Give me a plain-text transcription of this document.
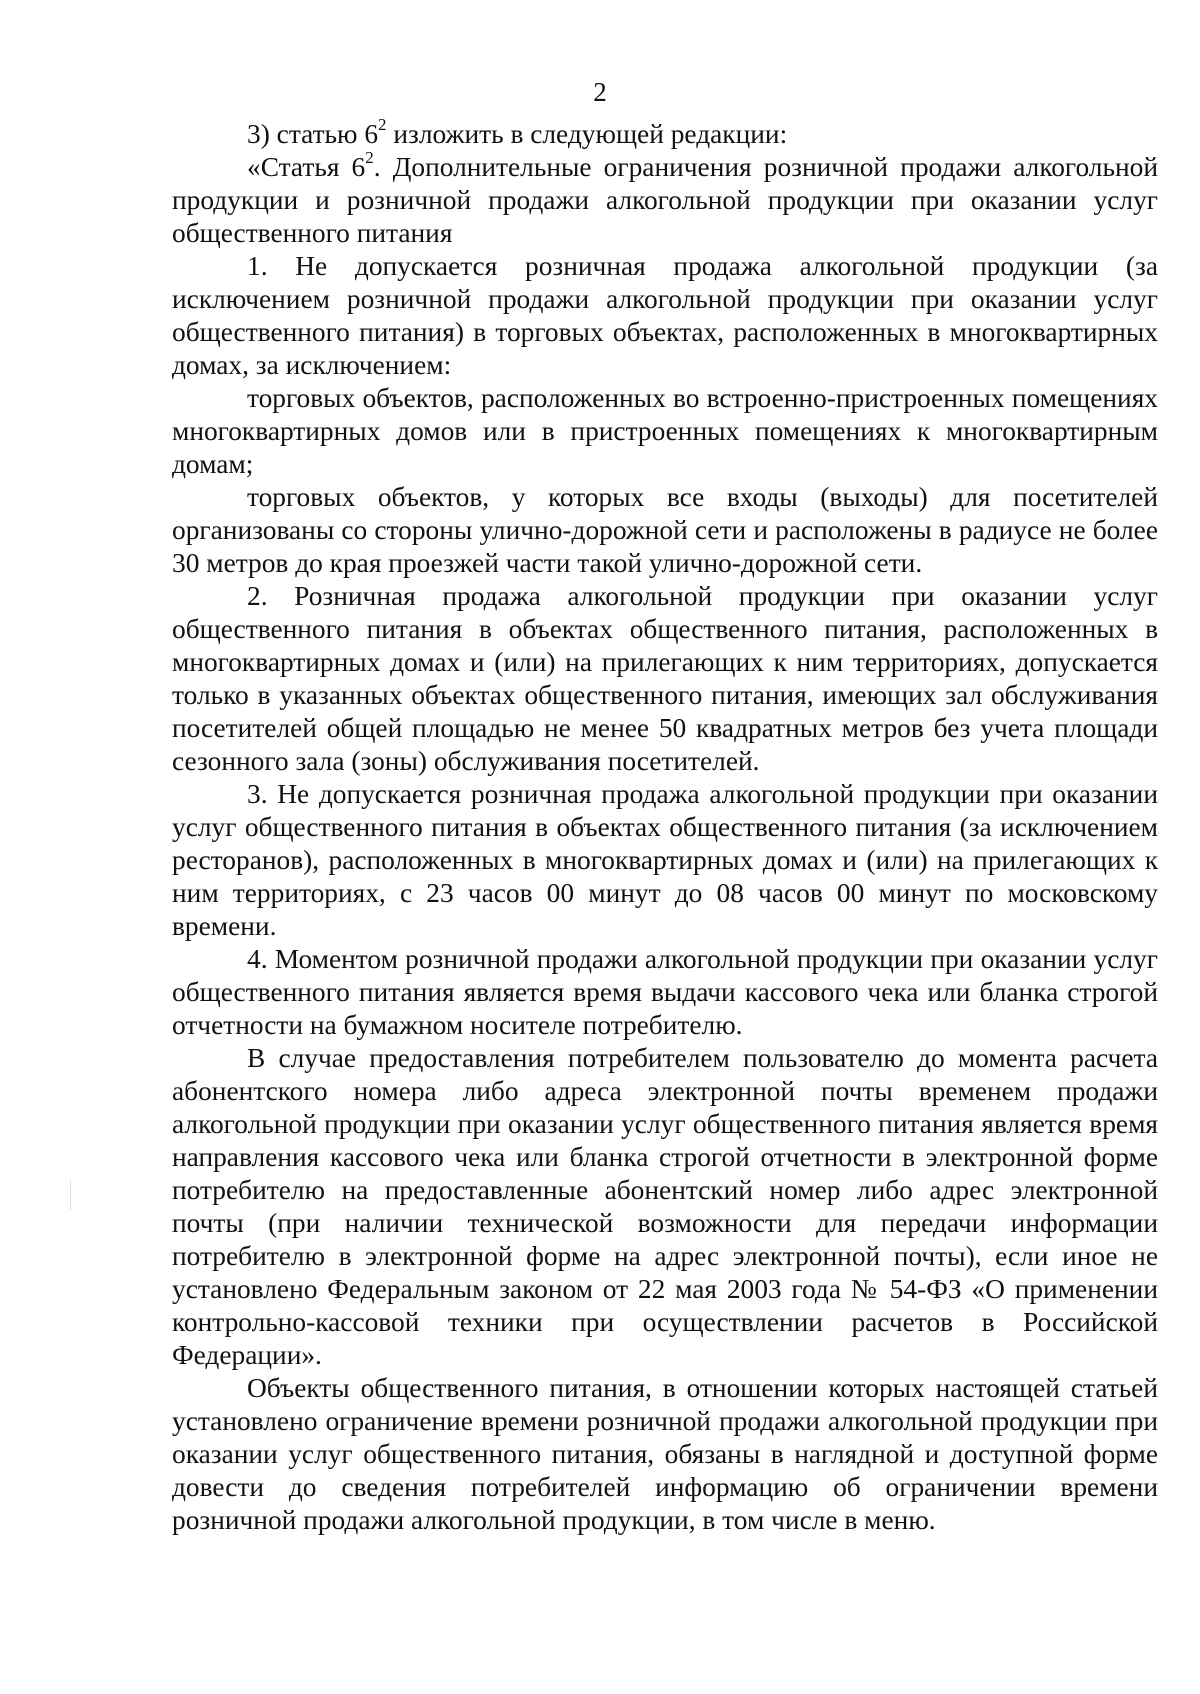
2

3) статью $6^2$ изложить в следующей редакции:

«Статья $6^2$. Дополнительные ограничения розничной продажи алкогольной продукции и розничной продажи алкогольной продукции при оказании услуг общественного питания

1. Не допускается розничная продажа алкогольной продукции (за исключением розничной продажи алкогольной продукции при оказании услуг общественного питания) в торговых объектах, расположенных в многоквартирных домах, за исключением:

торговых объектов, расположенных во встроенно-пристроенных помещениях многоквартирных домов или в пристроенных помещениях к многоквартирным домам;

торговых объектов, у которых все входы (выходы) для посетителей организованы со стороны улично-дорожной сети и расположены в радиусе не более 30 метров до края проезжей части такой улично-дорожной сети.

2. Розничная продажа алкогольной продукции при оказании услуг общественного питания в объектах общественного питания, расположенных в многоквартирных домах и (или) на прилегающих к ним территориях, допускается только в указанных объектах общественного питания, имеющих зал обслуживания посетителей общей площадью не менее 50 квадратных метров без учета площади сезонного зала (зоны) обслуживания посетителей.

3. Не допускается розничная продажа алкогольной продукции при оказании услуг общественного питания в объектах общественного питания (за исключением ресторанов), расположенных в многоквартирных домах и (или) на прилегающих к ним территориях, с 23 часов 00 минут до 08 часов 00 минут по московскому времени.

4. Моментом розничной продажи алкогольной продукции при оказании услуг общественного питания является время выдачи кассового чека или бланка строгой отчетности на бумажном носителе потребителю.

В случае предоставления потребителем пользователю до момента расчета абонентского номера либо адреса электронной почты временем продажи алкогольной продукции при оказании услуг общественного питания является время направления кассового чека или бланка строгой отчетности в электронной форме потребителю на предоставленные абонентский номер либо адрес электронной почты (при наличии технической возможности для передачи информации потребителю в электронной форме на адрес электронной почты), если иное не установлено Федеральным законом от 22 мая 2003 года № 54-ФЗ «О применении контрольно-кассовой техники при осуществлении расчетов в Российской Федерации».

Объекты общественного питания, в отношении которых настоящей статьей установлено ограничение времени розничной продажи алкогольной продукции при оказании услуг общественного питания, обязаны в наглядной и доступной форме довести до сведения потребителей информацию об ограничении времени розничной продажи алкогольной продукции, в том числе в меню.
